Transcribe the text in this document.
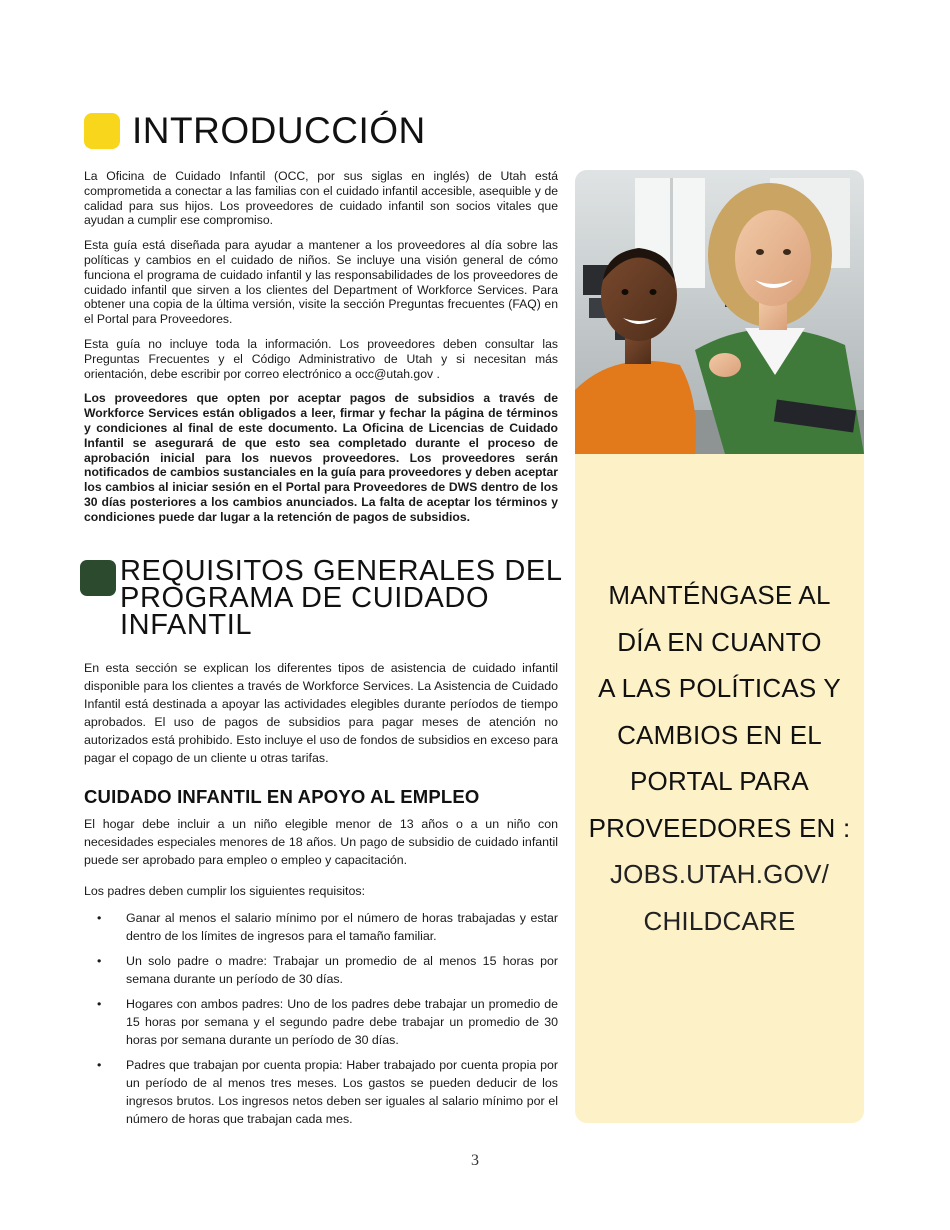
INTRODUCCIÓN

La Oficina de Cuidado Infantil (OCC, por sus siglas en inglés) de Utah está comprometida a conectar a las familias con el cuidado infantil accesible, asequible y de calidad para sus hijos. Los proveedores de cuidado infantil son socios vitales que ayudan a cumplir ese compromiso.

Esta guía está diseñada para ayudar a mantener a los proveedores al día sobre las políticas y cambios en el cuidado de niños. Se incluye una visión general de cómo funciona el programa de cuidado infantil y las responsabilidades de los proveedores de cuidado infantil que sirven a los clientes del Department of Workforce Services. Para obtener una copia de la última versión, visite la sección Preguntas frecuentes (FAQ) en el Portal para Proveedores.

Esta guía no incluye toda la información. Los proveedores deben consultar las Preguntas Frecuentes y el Código Administrativo de Utah y si necesitan más orientación, debe escribir por correo electrónico a occ@utah.gov .

Los proveedores que opten por aceptar pagos de subsidios a través de Workforce Services están obligados a leer, firmar y fechar la página de términos y condiciones al final de este documento. La Oficina de Licencias de Cuidado Infantil se asegurará de que esto sea completado durante el proceso de aprobación inicial para los nuevos proveedores. Los proveedores serán notificados de cambios sustanciales en la guía para proveedores y deben aceptar los cambios al iniciar sesión en el Portal para Proveedores de DWS dentro de los 30 días posteriores a los cambios anunciados. La falta de aceptar los términos y condiciones puede dar lugar a la retención de pagos de subsidios.

REQUISITOS GENERALES DEL PROGRAMA DE CUIDADO INFANTIL

En esta sección se explican los diferentes tipos de asistencia de cuidado infantil disponible para los clientes a través de Workforce Services. La Asistencia de Cuidado Infantil está destinada a apoyar las actividades elegibles durante períodos de tiempo aprobados. El uso de pagos de subsidios para pagar meses de atención no autorizados está prohibido. Esto incluye el uso de fondos de subsidios en exceso para pagar el copago de un cliente u otras tarifas.

CUIDADO INFANTIL EN APOYO AL EMPLEO

El hogar debe incluir a un niño elegible menor de 13 años o a un niño con necesidades especiales menores de 18 años. Un pago de subsidio de cuidado infantil puede ser aprobado para empleo o empleo y capacitación.

Los padres deben cumplir los siguientes requisitos:

• Ganar al menos el salario mínimo por el número de horas trabajadas y estar dentro de los límites de ingresos para el tamaño familiar.
• Un solo padre o madre: Trabajar un promedio de al menos 15 horas por semana durante un período de 30 días.
• Hogares con ambos padres: Uno de los padres debe trabajar un promedio de 15 horas por semana y el segundo padre debe trabajar un promedio de 30 horas por semana durante un período de 30 días.
• Padres que trabajan por cuenta propia: Haber trabajado por cuenta propia por un período de al menos tres meses. Los gastos se pueden deducir de los ingresos brutos. Los ingresos netos deben ser iguales al salario mínimo por el número de horas que trabajan cada mes.
MANTÉNGASE AL
DÍA EN CUANTO
A LAS POLÍTICAS Y
CAMBIOS EN EL
PORTAL PARA
PROVEEDORES EN :
JOBS.UTAH.GOV/
CHILDCARE
3
